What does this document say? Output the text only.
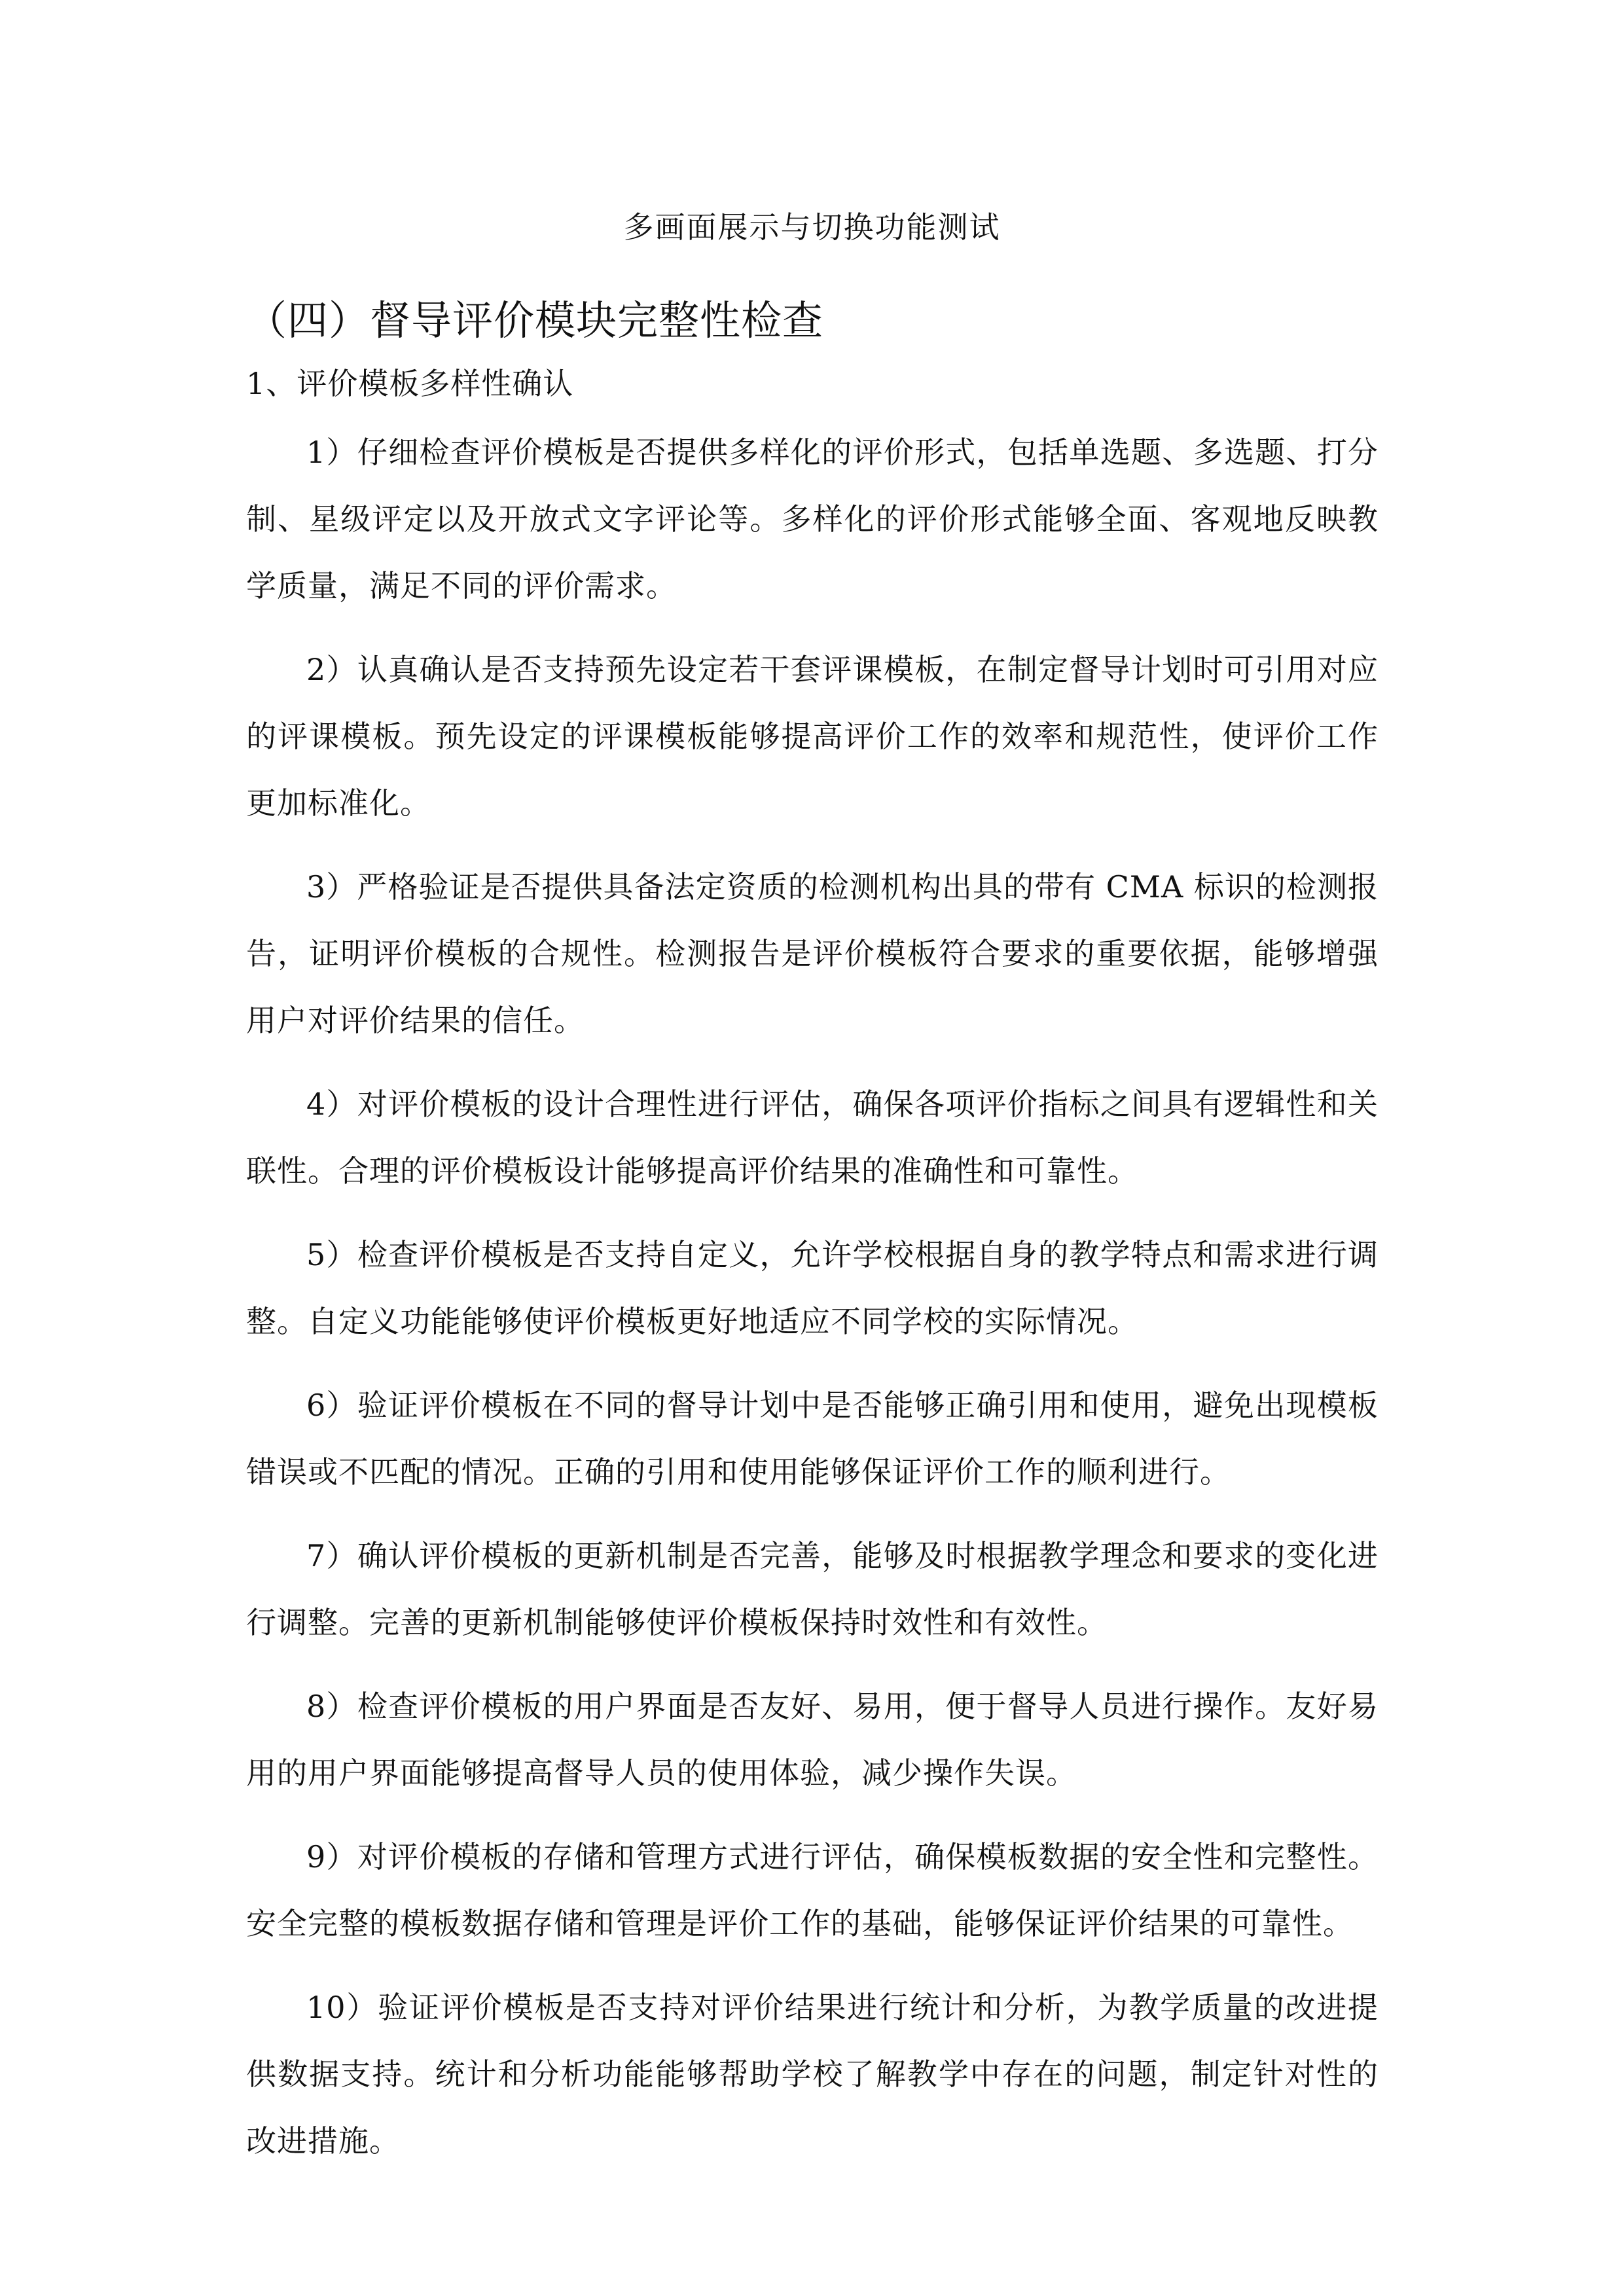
多画面展示与切换功能测试
（四）督导评价模块完整性检查
1、评价模板多样性确认

1）仔细检查评价模板是否提供多样化的评价形式，包括单选题、多选题、打分制、星级评定以及开放式文字评论等。多样化的评价形式能够全面、客观地反映教学质量，满足不同的评价需求。

2）认真确认是否支持预先设定若干套评课模板，在制定督导计划时可引用对应的评课模板。预先设定的评课模板能够提高评价工作的效率和规范性，使评价工作更加标准化。

3）严格验证是否提供具备法定资质的检测机构出具的带有 CMA 标识的检测报告，证明评价模板的合规性。检测报告是评价模板符合要求的重要依据，能够增强用户对评价结果的信任。

4）对评价模板的设计合理性进行评估，确保各项评价指标之间具有逻辑性和关联性。合理的评价模板设计能够提高评价结果的准确性和可靠性。

5）检查评价模板是否支持自定义，允许学校根据自身的教学特点和需求进行调整。自定义功能能够使评价模板更好地适应不同学校的实际情况。

6）验证评价模板在不同的督导计划中是否能够正确引用和使用，避免出现模板错误或不匹配的情况。正确的引用和使用能够保证评价工作的顺利进行。

7）确认评价模板的更新机制是否完善，能够及时根据教学理念和要求的变化进行调整。完善的更新机制能够使评价模板保持时效性和有效性。

8）检查评价模板的用户界面是否友好、易用，便于督导人员进行操作。友好易用的用户界面能够提高督导人员的使用体验，减少操作失误。

9）对评价模板的存储和管理方式进行评估，确保模板数据的安全性和完整性。安全完整的模板数据存储和管理是评价工作的基础，能够保证评价结果的可靠性。

10）验证评价模板是否支持对评价结果进行统计和分析，为教学质量的改进提供数据支持。统计和分析功能能够帮助学校了解教学中存在的问题，制定针对性的改进措施。
